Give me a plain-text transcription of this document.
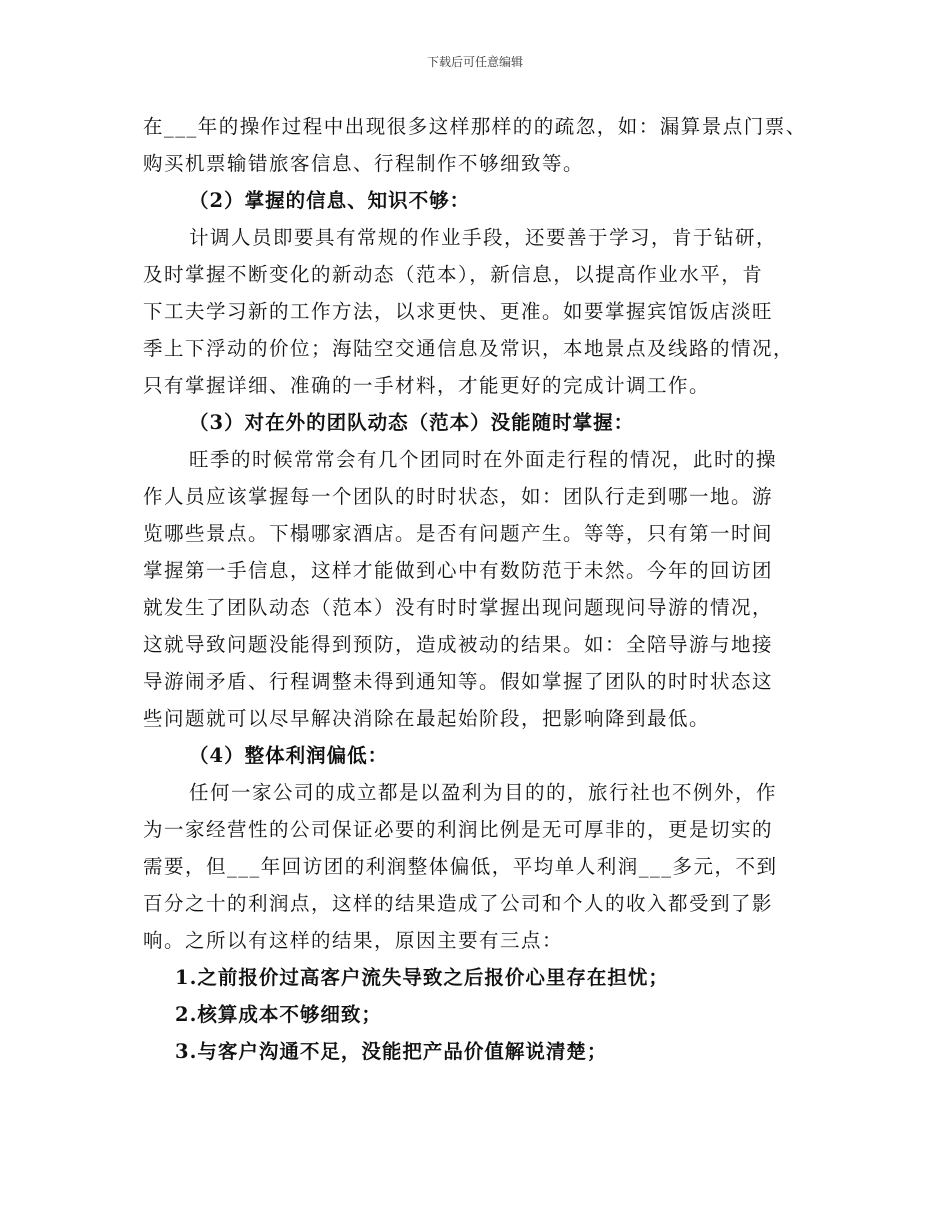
下载后可任意编辑

在___年的操作过程中出现很多这样那样的的疏忽，如：漏算景点门票、
购买机票输错旅客信息、行程制作不够细致等。

（2）掌握的信息、知识不够：

计调人员即要具有常规的作业手段，还要善于学习，肯于钻研，
及时掌握不断变化的新动态（范本），新信息，以提高作业水平，肯
下工夫学习新的工作方法，以求更快、更准。如要掌握宾馆饭店淡旺
季上下浮动的价位；海陆空交通信息及常识，本地景点及线路的情况，
只有掌握详细、准确的一手材料，才能更好的完成计调工作。

（3）对在外的团队动态（范本）没能随时掌握：

旺季的时候常常会有几个团同时在外面走行程的情况，此时的操
作人员应该掌握每一个团队的时时状态，如：团队行走到哪一地。游
览哪些景点。下榻哪家酒店。是否有问题产生。等等，只有第一时间
掌握第一手信息，这样才能做到心中有数防范于未然。今年的回访团
就发生了团队动态（范本）没有时时掌握出现问题现问导游的情况，
这就导致问题没能得到预防，造成被动的结果。如：全陪导游与地接
导游闹矛盾、行程调整未得到通知等。假如掌握了团队的时时状态这
些问题就可以尽早解决消除在最起始阶段，把影响降到最低。

（4）整体利润偏低：

任何一家公司的成立都是以盈利为目的的，旅行社也不例外，作
为一家经营性的公司保证必要的利润比例是无可厚非的，更是切实的
需要，但___年回访团的利润整体偏低，平均单人利润___多元，不到
百分之十的利润点，这样的结果造成了公司和个人的收入都受到了影
响。之所以有这样的结果，原因主要有三点：

1.之前报价过高客户流失导致之后报价心里存在担忧；

2.核算成本不够细致；

3.与客户沟通不足，没能把产品价值解说清楚；
